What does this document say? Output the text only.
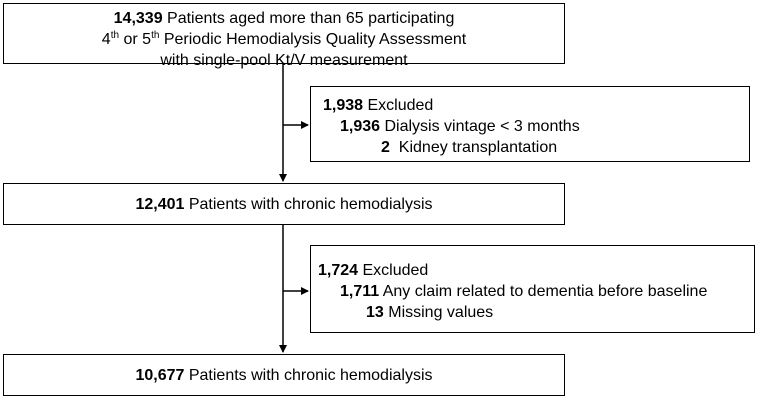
14,339 Patients aged more than 65 participating
4th or 5th Periodic Hemodialysis Quality Assessment
with single-pool Kt/V measurement
1,938 Excluded
1,936 Dialysis vintage < 3 months
2  Kidney transplantation
12,401 Patients with chronic hemodialysis
1,724 Excluded
1,711 Any claim related to dementia before baseline
13 Missing values
10,677 Patients with chronic hemodialysis
